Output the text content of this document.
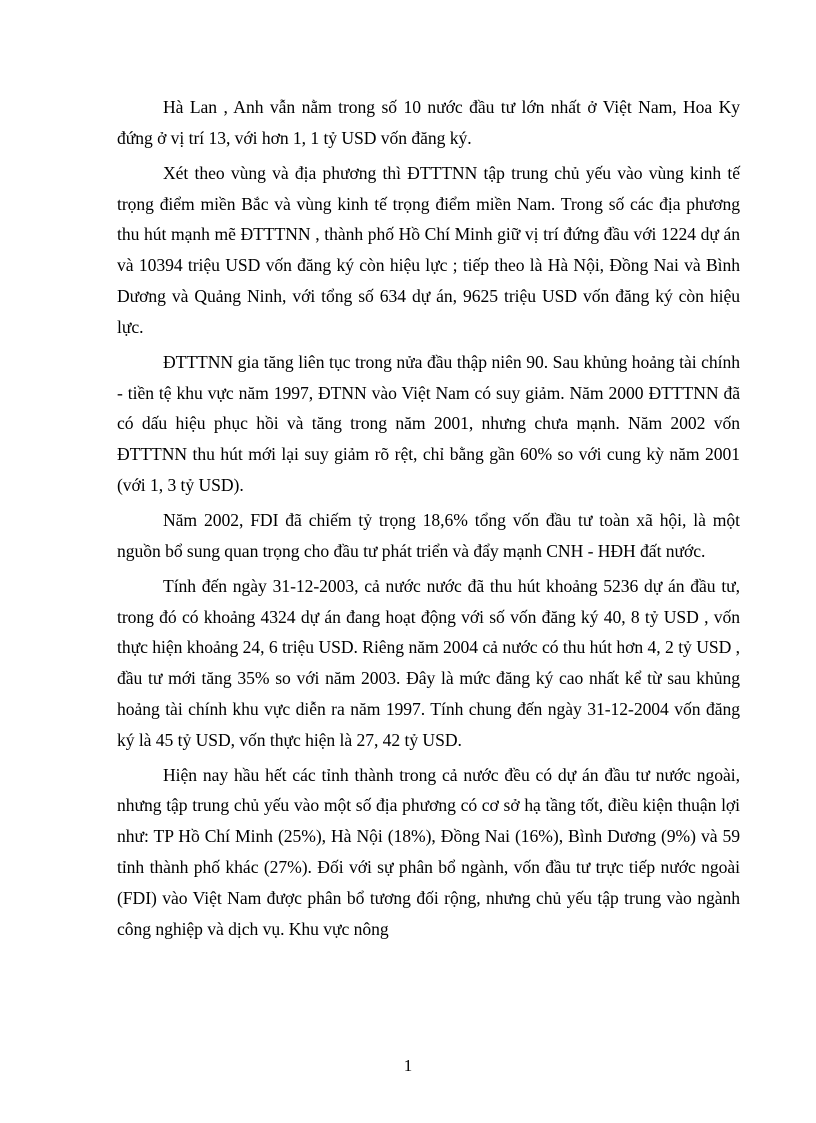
Hà Lan , Anh vẫn nằm trong số 10 nước đầu tư lớn nhất ở Việt Nam, Hoa Ky đứng ở vị trí 13, với hơn 1, 1 tỷ USD vốn đăng ký.

Xét theo vùng và địa phương thì ĐTTTNN tập trung chủ yếu vào vùng kinh tế trọng điểm miền Bắc và vùng kinh tế trọng điểm miền Nam. Trong số các địa phương thu hút mạnh mẽ ĐTTTNN , thành phố Hồ Chí Minh giữ vị trí đứng đầu với 1224 dự án và 10394 triệu USD vốn đăng ký còn hiệu lực ; tiếp theo là Hà Nội, Đồng Nai và Bình Dương và Quảng Ninh, với tổng số 634 dự án, 9625 triệu USD vốn đăng ký còn hiệu lực.

ĐTTTNN gia tăng liên tục trong nửa đầu thập niên 90. Sau khủng hoảng tài chính - tiền tệ khu vực năm 1997, ĐTNN vào Việt Nam có suy giảm. Năm 2000 ĐTTTNN đã có dấu hiệu phục hồi và tăng trong năm 2001, nhưng chưa mạnh. Năm 2002 vốn ĐTTTNN thu hút mới lại suy giảm rõ rệt, chỉ bằng gần 60% so với cung kỳ năm 2001 (với 1, 3 tỷ USD).

Năm 2002, FDI đã chiếm tỷ trọng 18,6% tổng vốn đầu tư toàn xã hội, là một nguồn bổ sung quan trọng cho đầu tư phát triển và đẩy mạnh CNH - HĐH đất nước.

Tính đến ngày 31-12-2003, cả nước nước đã thu hút khoảng 5236 dự án đầu tư, trong đó có khoảng 4324 dự án đang hoạt động với số vốn đăng ký 40, 8 tỷ USD , vốn thực hiện khoảng 24, 6 triệu USD. Riêng năm 2004 cả nước có thu hút hơn 4, 2 tỷ USD , đầu tư mới tăng 35% so với năm 2003. Đây là mức đăng ký cao nhất kể từ sau khủng hoảng tài chính khu vực diễn ra năm 1997. Tính chung đến ngày 31-12-2004 vốn đăng ký là 45 tỷ USD, vốn thực hiện là 27, 42 tỷ USD.

Hiện nay hầu hết các tỉnh thành trong cả nước đều có dự án đầu tư nước ngoài, nhưng tập trung chủ yếu vào một số địa phương có cơ sở hạ tầng tốt, điều kiện thuận lợi như: TP Hồ Chí Minh (25%), Hà Nội (18%), Đồng Nai (16%), Bình Dương (9%) và 59 tỉnh thành phố khác (27%). Đối với sự phân bổ ngành, vốn đầu tư trực tiếp nước ngoài (FDI) vào Việt Nam được phân bổ tương đối rộng, nhưng chủ yếu tập trung vào ngành công nghiệp và dịch vụ. Khu vực nông

1
